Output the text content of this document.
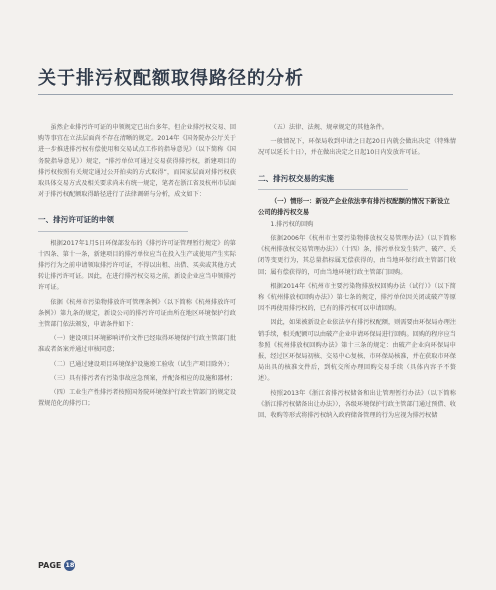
关于排污权配额取得路径的分析

虽然企业排污许可证的申领规定已出台多年，但企业排污权交易、回购等事宜在立法层面尚不存在清晰的规定。2014年《国务院办公厅关于进一步推进排污权有偿使用和交易试点工作的指导意见》（以下简称《国务院指导意见》）规定，“排污单位可通过交易获得排污权，新建项目的排污权按照有关规定通过公开拍卖的方式取得”，而国家层面对排污权获取具体交易方式及相关要求尚未有统一规定，笔者在浙江省及杭州市层面对于排污权配额取得路径进行了法律调研与分析，成文如下：

一、排污许可证的申领

根据2017年1月5日环保部发布的《排污许可证管理暂行规定》的第十四条、第十一条，新建项目的排污单位应当在投入生产或使用产生实际排污行为之前申请领取排污许可证，不得以出租、出借、买卖或其他方式转让排污许可证。因此，在进行排污权交易之前，新设企业应当申领排污许可证。

依据《杭州市污染物排放许可管理条例》（以下简称《杭州排放许可条例》）第九条的规定，新设公司的排污许可证由所在地区环境保护行政主管部门依法颁发，申请条件如下：

（一）建设项目环境影响评价文件已经取得环境保护行政主管部门批准或者备案并通过审核同意；

（二）已通过建设项目环境保护设施竣工验收（试生产项目除外）；

（三）具有排污者有污染事故应急预案，并配备相应的设施和器材；

（四）工业生产性排污者按照国务院环境保护行政主管部门的规定设置规范化的排污口；

（五）法律、法规、规章规定的其他条件。

一般情况下，环保局收到申请之日起20日内就会做出决定（特殊情况可以延长十日），并在做出决定之日起10日内发放许可证。

二、排污权交易的实施
（一）情形一：新设产企业依法享有排污权配额的情况下新设立公司的排污权交易

1.排污权的回购

依据2006年《杭州市主要污染物排放权交易管理办法》（以下简称《杭州排放权交易管理办法》）（十四）条，排污单位发生转产、破产、关闭等变更行为，其总量指标属无偿获得的，由当地环保行政主管部门收回；属有偿获得的，可由当地环境行政主管部门回购。

根据2014年《杭州市主要污染物排放权回购办法（试行）》（以下简称《杭州排放权回购办法》）第七条的规定，排污单位因关闭或破产等原因不再使用排污权的，已有的排污权可以申请回购。

因此，如果被新设企业依法享有排污权配额，则需要由环保局办理注销手续，相关配额可以由破产企业申请环保局进行回购。回购的程序应当参照《杭州排放权回购办法》第十三条的规定：由破产企业向环保局申报，经过区环保局初核、交易中心复核、市环保局核准，并在获取市环保局出具的核准文件后，到杭交所办理回购交易手续（具体内容予不赘述）。

按照2013年《浙江省排污权储备和出让管理暂行办法》（以下简称《浙江排污权储备出让办法》），各级环境保护行政主管部门通过预借、收回、收购等形式将排污权纳入政府储备管理的行为应视为排污权储

PAGE 18
